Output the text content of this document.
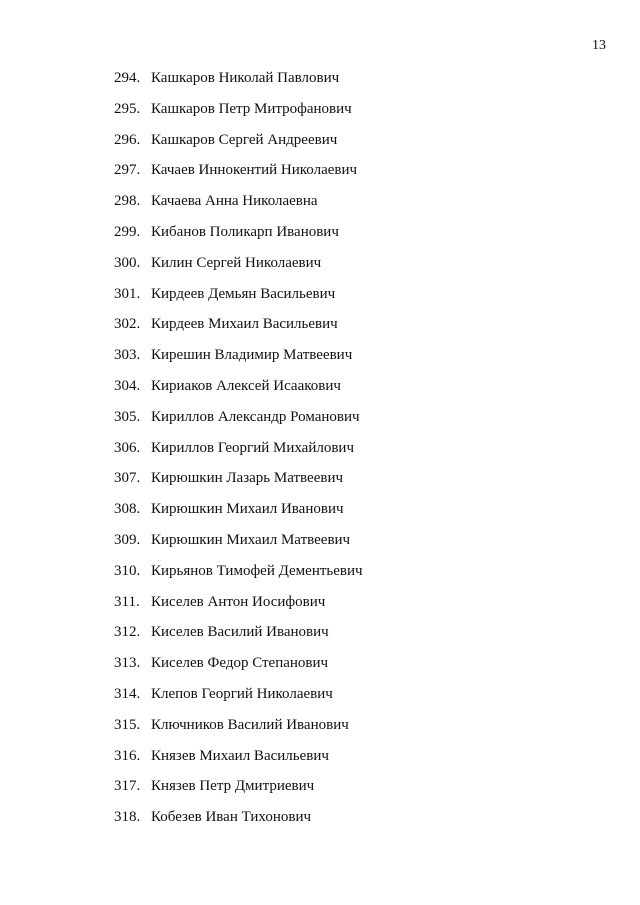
13
294. Кашкаров Николай Павлович
295. Кашкаров Петр Митрофанович
296. Кашкаров Сергей Андреевич
297. Качаев Иннокентий Николаевич
298. Качаева Анна Николаевна
299. Кибанов Поликарп Иванович
300. Килин Сергей Николаевич
301. Кирдеев Демьян Васильевич
302. Кирдеев Михаил Васильевич
303. Кирешин Владимир Матвеевич
304. Кириаков Алексей Исаакович
305. Кириллов Александр Романович
306. Кириллов Георгий Михайлович
307. Кирюшкин Лазарь Матвеевич
308. Кирюшкин Михаил Иванович
309. Кирюшкин Михаил Матвеевич
310. Кирьянов Тимофей Дементьевич
311. Киселев Антон Иосифович
312. Киселев Василий Иванович
313. Киселев Федор Степанович
314. Клепов Георгий Николаевич
315. Ключников Василий Иванович
316. Князев Михаил Васильевич
317. Князев Петр Дмитриевич
318. Кобезев Иван Тихонович
